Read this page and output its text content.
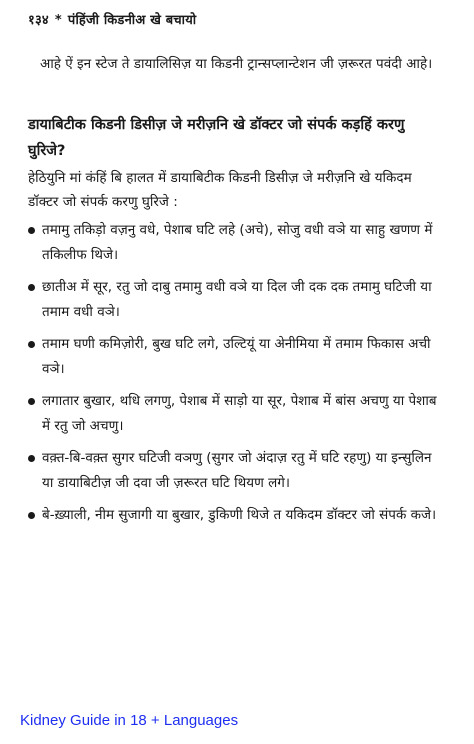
१३४ * पंहिंजी किडनीअ खे बचायो
आहे ऐं इन स्टेज ते डायालिसिज़ या किडनी ट्रान्सप्लान्टेशन जी ज़रूरत पवंदी आहे।
डायाबिटीक किडनी डिसीज़ जे मरीज़नि खे डॉक्टर जो संपर्क कड़हिं करणु घुरिजे?
हेठियुनि मां कंहिं बि हालत में डायाबिटीक किडनी डिसीज़ जे मरीज़नि खे यकिदम डॉक्टर जो संपर्क करणु घुरिजे :
तमामु तकिड़ो वज़नु वधे, पेशाब घटि लहे (अचे), सोजु वधी वञे या साहु खणण में तकिलीफ थिजे।
छातीअ में सूर, रतु जो दाबु तमामु वधी वञे या दिल जी दक दक तमामु घटिजी या तमाम वधी वञे।
तमाम घणी कमिज़ोरी, बुख घटि लगे, उल्टियूं या अेनीमिया में तमाम फिकास अची वञे।
लगातार बुखार, थधि लगणु, पेशाब में साड़ो या सूर, पेशाब में बांस अचणु या पेशाब में रतु जो अचणु।
वक़्त-बि-वक़्त सुगर घटिजी वञणु (सुगर जो अंदाज़ रतु में घटि रहणु) या इन्सुलिन या डायाबिटीज़ जी दवा जी ज़रूरत घटि थियण लगे।
बे-ख़्याली, नीम सुजागी या बुखार, डुकिणी थिजे त यकिदम डॉक्टर जो संपर्क कजे।
Kidney Guide in 18 + Languages
